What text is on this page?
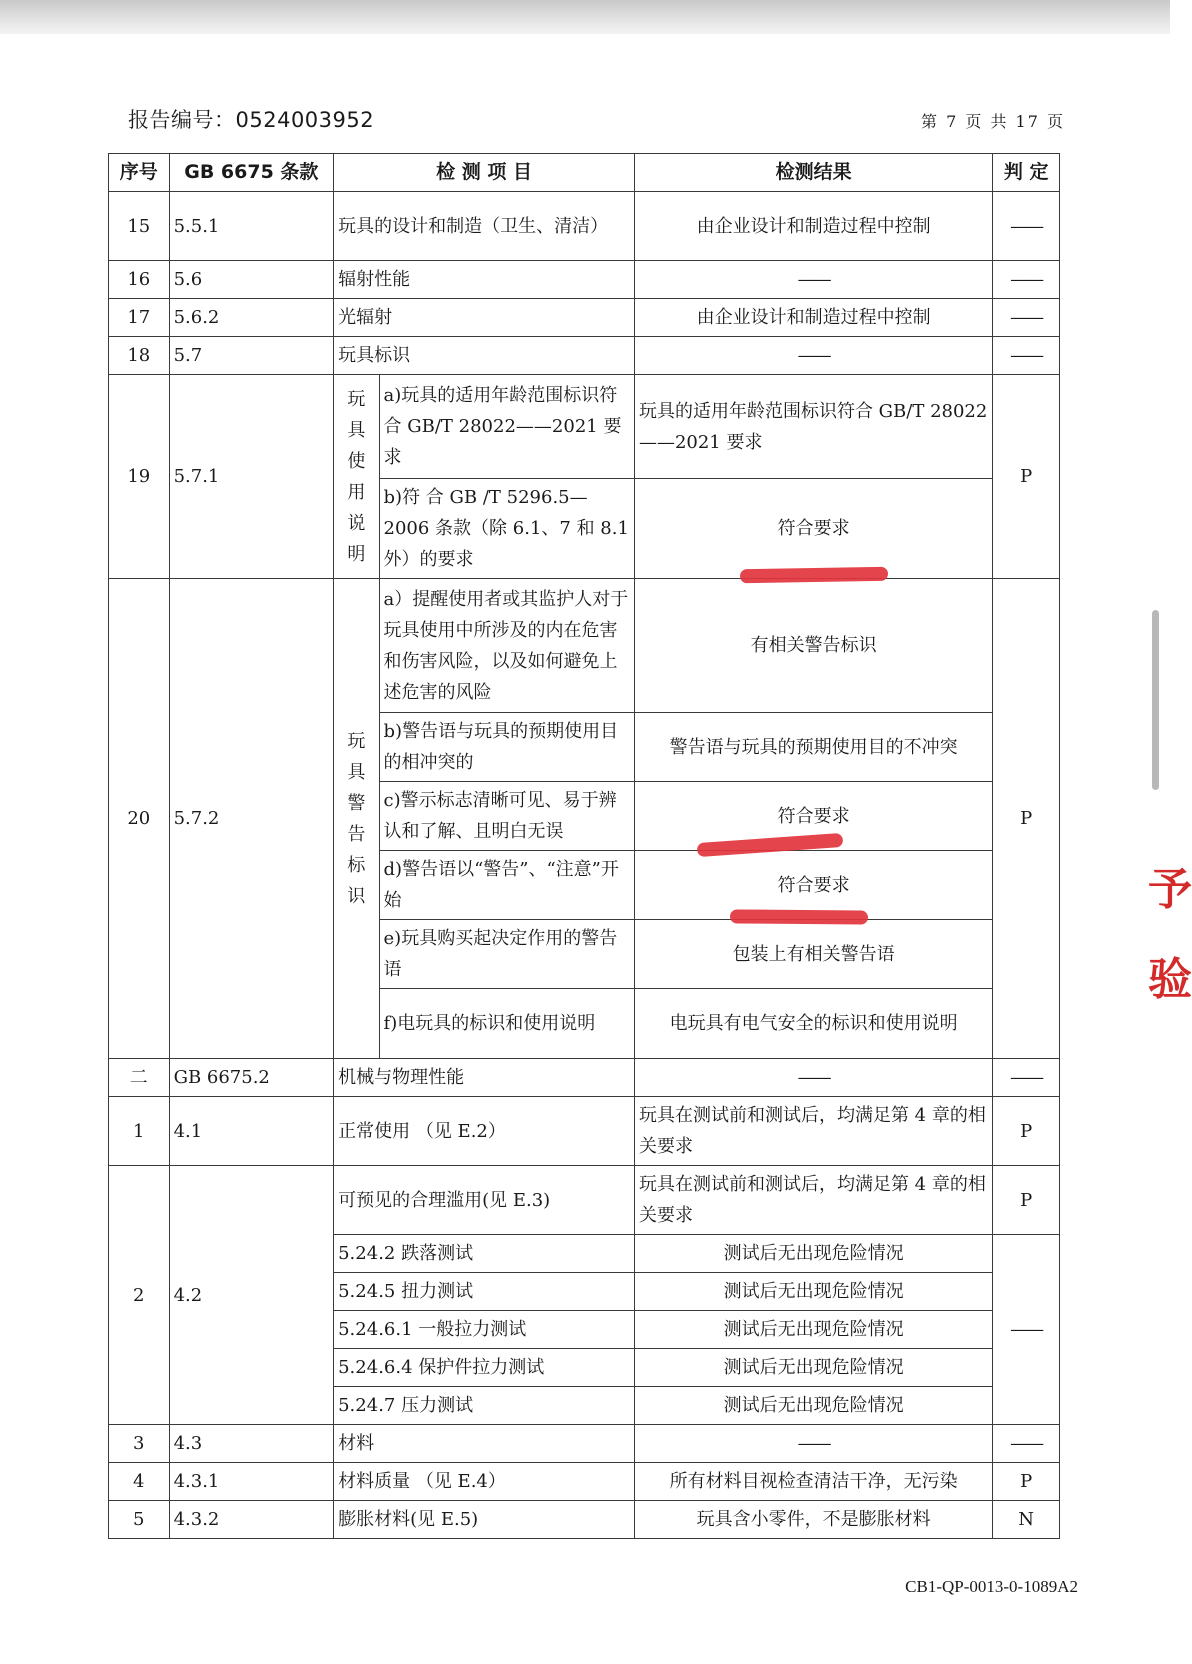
报告编号：0524003952	第 7 页 共 17 页
序号	GB 6675 条款	检 测 项 目		检测结果	判 定
15	5.5.1	玩具的设计和制造（卫生、清洁）		由企业设计和制造过程中控制	——
16	5.6	辐射性能		——	——
17	5.6.2	光辐射		由企业设计和制造过程中控制	——
18	5.7	玩具标识		——	——
19	5.7.1	玩具使用说明	a)玩具的适用年龄范围标识符合 GB/T 28022——2021 要求	玩具的适用年龄范围标识符合 GB/T 28022——2021 要求	P
			b)符 合 GB /T 5296.5—2006 条款（除 6.1、7 和 8.1 外）的要求	符合要求	
20	5.7.2	玩具警告标识	a）提醒使用者或其监护人对于玩具使用中所涉及的内在危害和伤害风险，以及如何避免上述危害的风险	有相关警告标识	P
			b)警告语与玩具的预期使用目的相冲突的	警告语与玩具的预期使用目的不冲突	
			c)警示标志清晰可见、易于辨认和了解、且明白无误	符合要求	
			d)警告语以“警告”、“注意”开始	符合要求	
			e)玩具购买起决定作用的警告语	包装上有相关警告语	
			f)电玩具的标识和使用说明	电玩具有电气安全的标识和使用说明	
二	GB 6675.2	机械与物理性能		——	——
1	4.1	正常使用 （见 E.2）		玩具在测试前和测试后，均满足第 4 章的相关要求	P
2	4.2	可预见的合理滥用(见 E.3)		玩具在测试前和测试后，均满足第 4 章的相关要求	P
		5.24.2 跌落测试		测试后无出现危险情况	——
		5.24.5 扭力测试		测试后无出现危险情况	
		5.24.6.1 一般拉力测试		测试后无出现危险情况	
		5.24.6.4 保护件拉力测试		测试后无出现危险情况	
		5.24.7 压力测试		测试后无出现危险情况	
3	4.3	材料		——	——
4	4.3.1	材料质量 （见 E.4）		所有材料目视检查清洁干净，无污染	P
5	4.3.2	膨胀材料(见 E.5)		玩具含小零件，不是膨胀材料	N
CB1-QP-0013-0-1089A2
予
验
